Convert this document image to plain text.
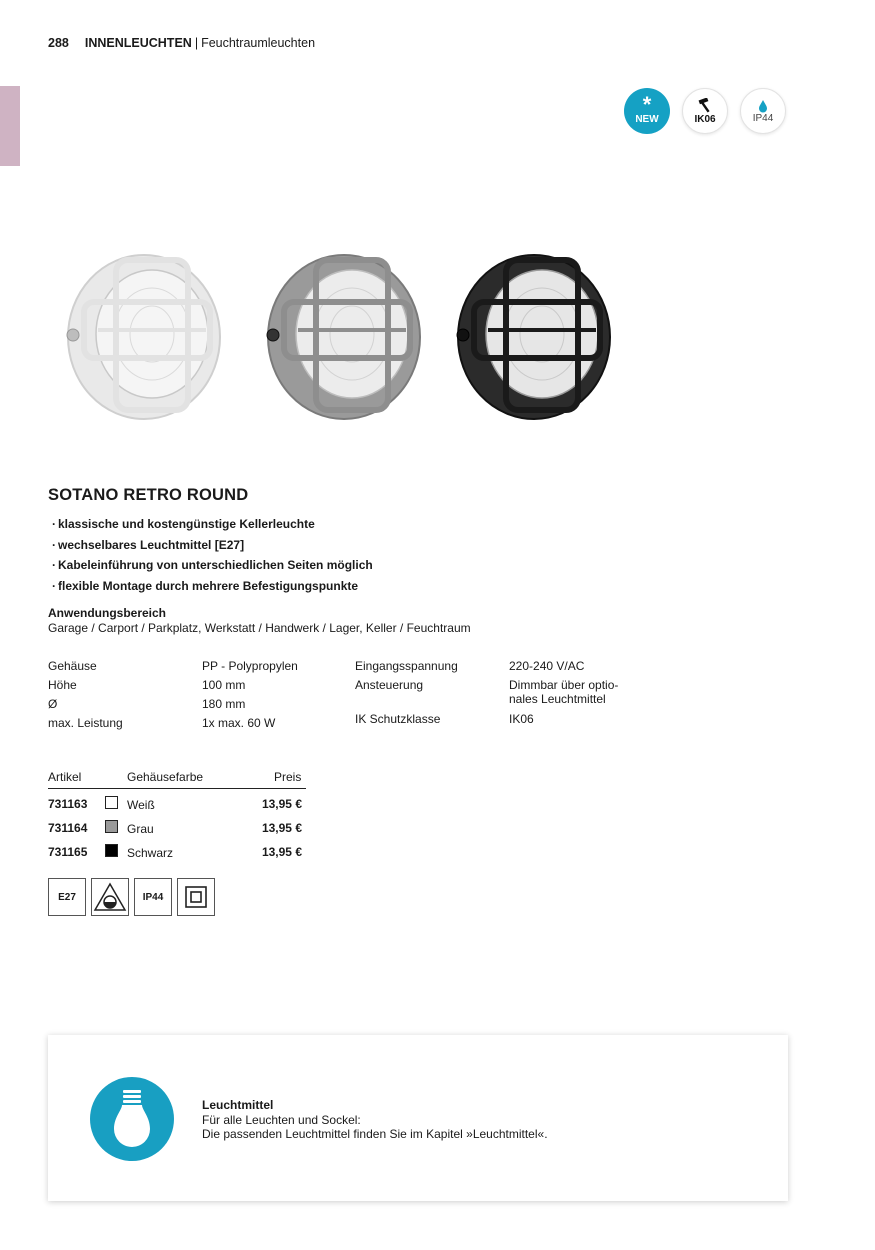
288 INNENLEUCHTEN | Feuchtraumleuchten
*
NEW	IK06	IP44
SOTANO RETRO ROUND
· klassische und kostengünstige Kellerleuchte
· wechselbares Leuchtmittel [E27]
· Kabeleinführung von unterschiedlichen Seiten möglich
· flexible Montage durch mehrere Befestigungspunkte
Anwendungsbereich
Garage / Carport / Parkplatz, Werkstatt / Handwerk / Lager, Keller / Feuchtraum
Gehäuse	PP - Polypropylen
Höhe	100 mm
Ø	180 mm
max. Leistung	1x max. 60 W
Eingangsspannung	220-240 V/AC
Ansteuerung	Dimmbar über optio-
nales Leuchtmittel
IK Schutzklasse	IK06
Artikel	Gehäusefarbe	Preis
731163	Weiß	13,95 €
731164	Grau	13,95 €
731165	Schwarz	13,95 €
E27	IP44
Leuchtmittel
Für alle Leuchten und Sockel:
Die passenden Leuchtmittel finden Sie im Kapitel »Leuchtmittel«.
